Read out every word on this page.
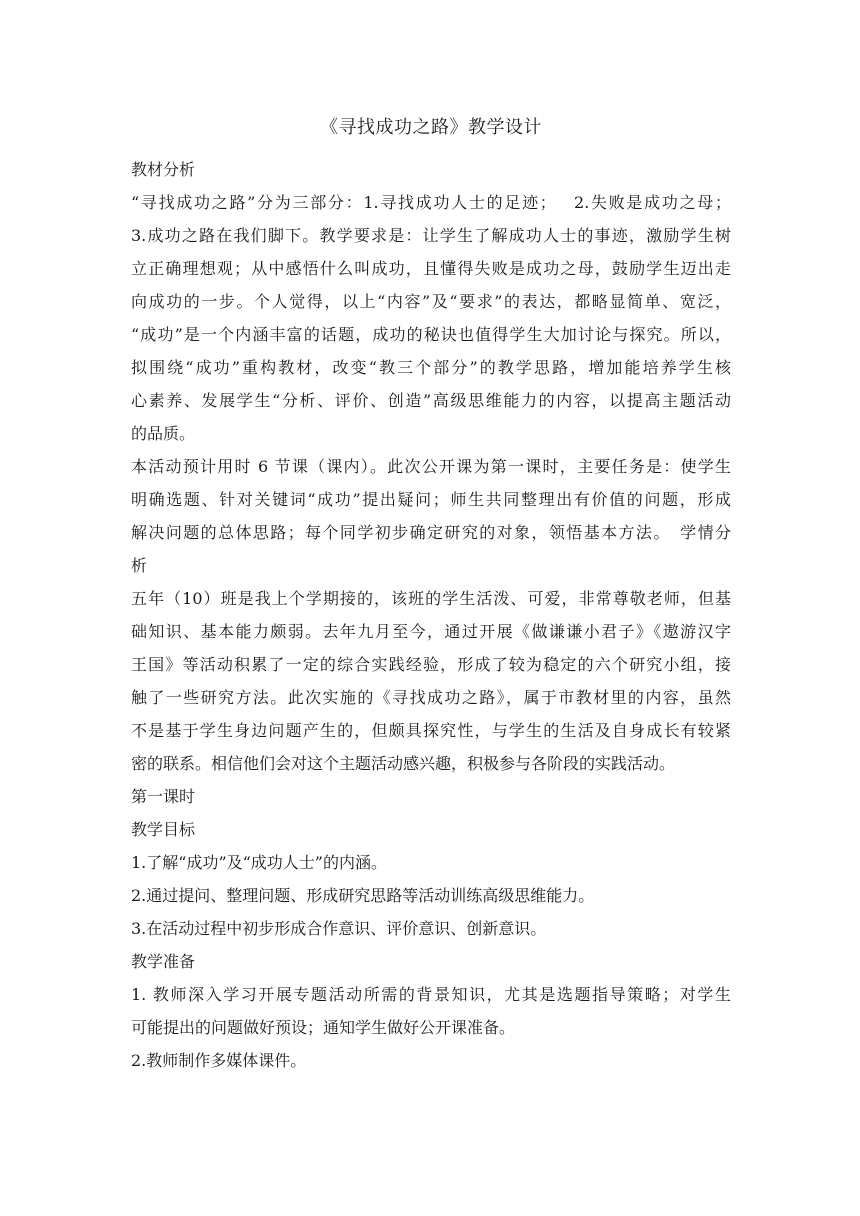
《寻找成功之路》教学设计
教材分析
“寻找成功之路”分为三部分：1.寻找成功人士的足迹；　 2.失败是成功之母；
3.成功之路在我们脚下。教学要求是：让学生了解成功人士的事迹，激励学生树
立正确理想观；从中感悟什么叫成功，且懂得失败是成功之母，鼓励学生迈出走
向成功的一步。个人觉得，以上“内容”及“要求”的表达，都略显简单、宽泛，
“成功”是一个内涵丰富的话题，成功的秘诀也值得学生大加讨论与探究。所以，
拟围绕“成功”重构教材，改变“教三个部分”的教学思路，增加能培养学生核
心素养、发展学生“分析、评价、创造”高级思维能力的内容，以提高主题活动
的品质。
本活动预计用时 6 节课（课内）。此次公开课为第一课时，主要任务是：使学生
明确选题、针对关键词“成功”提出疑问；师生共同整理出有价值的问题，形成
解决问题的总体思路；每个同学初步确定研究的对象，领悟基本方法。　学情分
析
五年（10）班是我上个学期接的，该班的学生活泼、可爱，非常尊敬老师，但基
础知识、基本能力颇弱。去年九月至今，通过开展《做谦谦小君子》《遨游汉字
王国》等活动积累了一定的综合实践经验，形成了较为稳定的六个研究小组，接
触了一些研究方法。此次实施的《寻找成功之路》，属于市教材里的内容，虽然
不是基于学生身边问题产生的，但颇具探究性，与学生的生活及自身成长有较紧
密的联系。相信他们会对这个主题活动感兴趣，积极参与各阶段的实践活动。
第一课时
教学目标
1.了解“成功”及“成功人士”的内涵。
2.通过提问、整理问题、形成研究思路等活动训练高级思维能力。
3.在活动过程中初步形成合作意识、评价意识、创新意识。
教学准备
1. 教师深入学习开展专题活动所需的背景知识，尤其是选题指导策略；对学生
可能提出的问题做好预设；通知学生做好公开课准备。
2.教师制作多媒体课件。
